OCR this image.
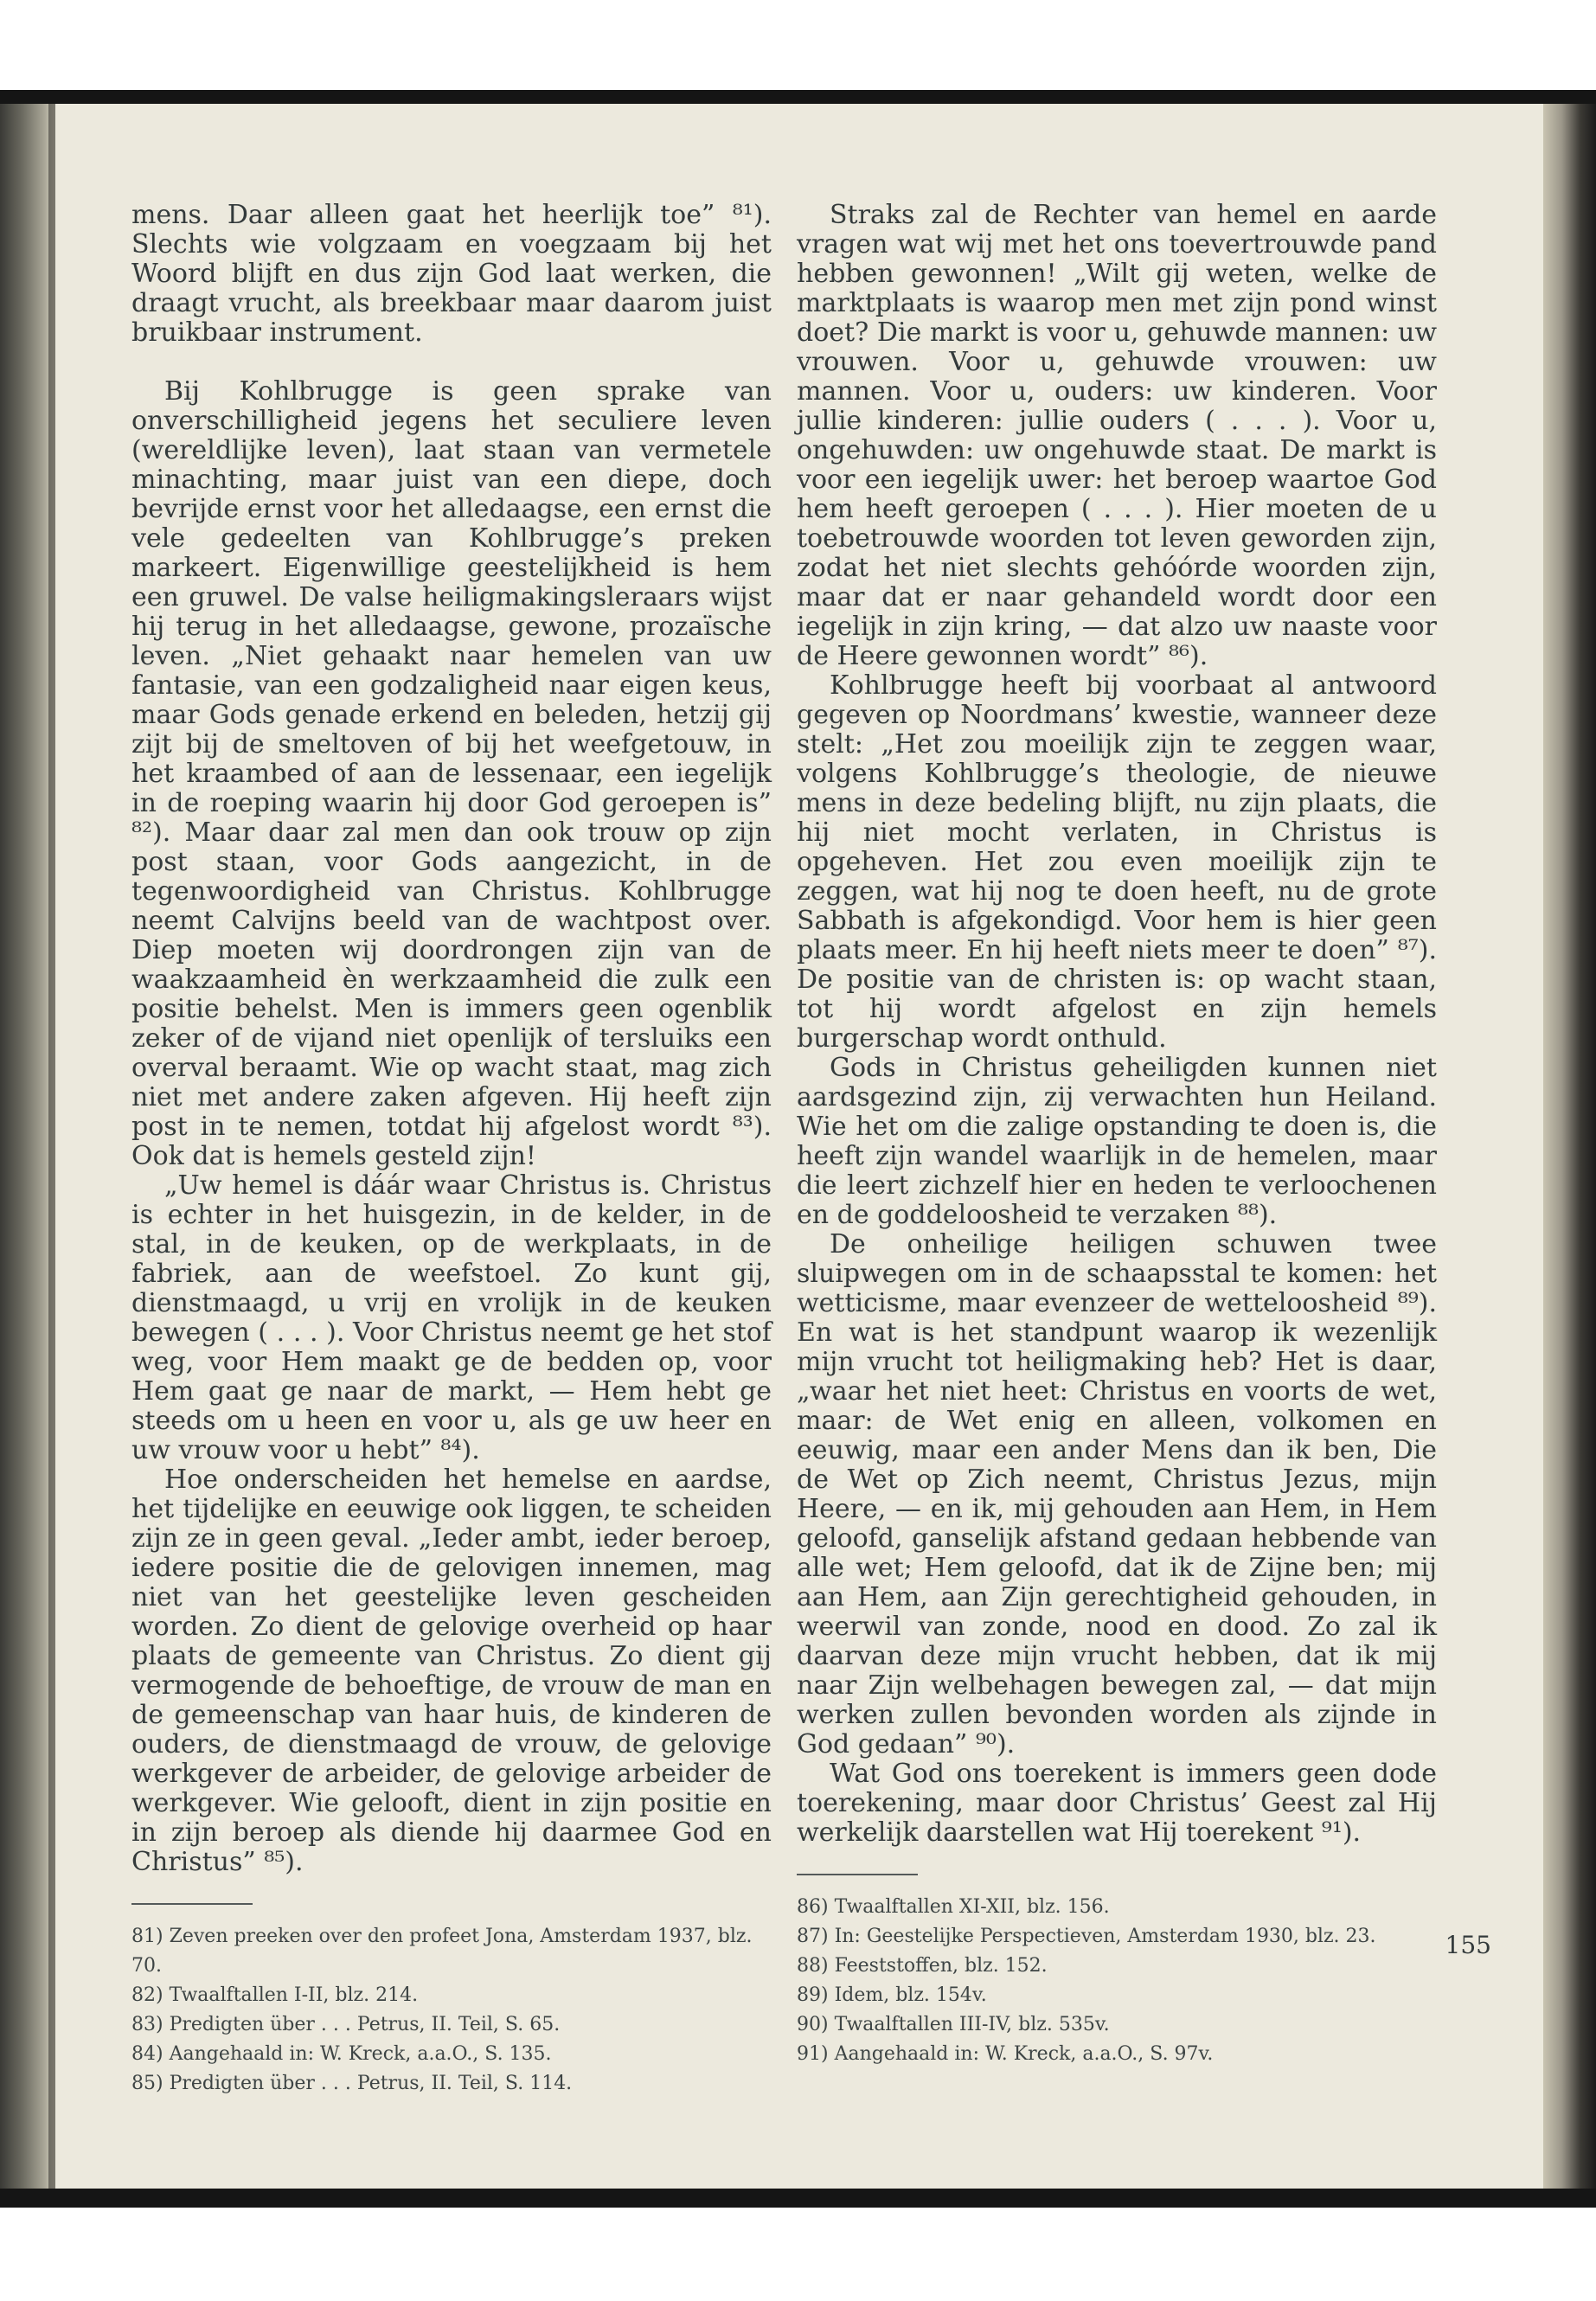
mens. Daar alleen gaat het heerlijk toe” ⁸¹). Slechts wie volgzaam en voegzaam bij het Woord blijft en dus zijn God laat werken, die draagt vrucht, als breekbaar maar daarom juist bruikbaar instrument.

Bij Kohlbrugge is geen sprake van onverschilligheid jegens het seculiere leven (wereldlijke leven), laat staan van vermetele minachting, maar juist van een diepe, doch bevrijde ernst voor het alledaagse, een ernst die vele gedeelten van Kohlbrugge’s preken markeert. Eigenwillige geestelijkheid is hem een gruwel. De valse heiligmakingsleraars wijst hij terug in het alledaagse, gewone, prozaïsche leven. „Niet gehaakt naar hemelen van uw fantasie, van een godzaligheid naar eigen keus, maar Gods genade erkend en beleden, hetzij gij zijt bij de smeltoven of bij het weefgetouw, in het kraambed of aan de lessenaar, een iegelijk in de roeping waarin hij door God geroepen is” ⁸²). Maar daar zal men dan ook trouw op zijn post staan, voor Gods aangezicht, in de tegenwoordigheid van Christus. Kohlbrugge neemt Calvijns beeld van de wachtpost over. Diep moeten wij doordrongen zijn van de waakzaamheid èn werkzaamheid die zulk een positie behelst. Men is immers geen ogenblik zeker of de vijand niet openlijk of tersluiks een overval beraamt. Wie op wacht staat, mag zich niet met andere zaken afgeven. Hij heeft zijn post in te nemen, totdat hij afgelost wordt ⁸³). Ook dat is hemels gesteld zijn!

„Uw hemel is dáár waar Christus is. Christus is echter in het huisgezin, in de kelder, in de stal, in de keuken, op de werkplaats, in de fabriek, aan de weefstoel. Zo kunt gij, dienstmaagd, u vrij en vrolijk in de keuken bewegen ( . . . ). Voor Christus neemt ge het stof weg, voor Hem maakt ge de bedden op, voor Hem gaat ge naar de markt, — Hem hebt ge steeds om u heen en voor u, als ge uw heer en uw vrouw voor u hebt” ⁸⁴).

Hoe onderscheiden het hemelse en aardse, het tijdelijke en eeuwige ook liggen, te scheiden zijn ze in geen geval. „Ieder ambt, ieder beroep, iedere positie die de gelovigen innemen, mag niet van het geestelijke leven gescheiden worden. Zo dient de gelovige overheid op haar plaats de gemeente van Christus. Zo dient gij vermogende de behoeftige, de vrouw de man en de gemeenschap van haar huis, de kinderen de ouders, de dienstmaagd de vrouw, de gelovige werkgever de arbeider, de gelovige arbeider de werkgever. Wie gelooft, dient in zijn positie en in zijn beroep als diende hij daarmee God en Christus” ⁸⁵).

81) Zeven preeken over den profeet Jona, Amsterdam 1937, blz. 70.
82) Twaalftallen I-II, blz. 214.
83) Predigten über . . . Petrus, II. Teil, S. 65.
84) Aangehaald in: W. Kreck, a.a.O., S. 135.
85) Predigten über . . . Petrus, II. Teil, S. 114.

Straks zal de Rechter van hemel en aarde vragen wat wij met het ons toevertrouwde pand hebben gewonnen! „Wilt gij weten, welke de marktplaats is waarop men met zijn pond winst doet? Die markt is voor u, gehuwde mannen: uw vrouwen. Voor u, gehuwde vrouwen: uw mannen. Voor u, ouders: uw kinderen. Voor jullie kinderen: jullie ouders ( . . . ). Voor u, ongehuwden: uw ongehuwde staat. De markt is voor een iegelijk uwer: het beroep waartoe God hem heeft geroepen ( . . . ). Hier moeten de u toebetrouwde woorden tot leven geworden zijn, zodat het niet slechts gehóórde woorden zijn, maar dat er naar gehandeld wordt door een iegelijk in zijn kring, — dat alzo uw naaste voor de Heere gewonnen wordt” ⁸⁶).

Kohlbrugge heeft bij voorbaat al antwoord gegeven op Noordmans’ kwestie, wanneer deze stelt: „Het zou moeilijk zijn te zeggen waar, volgens Kohlbrugge’s theologie, de nieuwe mens in deze bedeling blijft, nu zijn plaats, die hij niet mocht verlaten, in Christus is opgeheven. Het zou even moeilijk zijn te zeggen, wat hij nog te doen heeft, nu de grote Sabbath is afgekondigd. Voor hem is hier geen plaats meer. En hij heeft niets meer te doen” ⁸⁷). De positie van de christen is: op wacht staan, tot hij wordt afgelost en zijn hemels burgerschap wordt onthuld.

Gods in Christus geheiligden kunnen niet aardsgezind zijn, zij verwachten hun Heiland. Wie het om die zalige opstanding te doen is, die heeft zijn wandel waarlijk in de hemelen, maar die leert zichzelf hier en heden te verloochenen en de goddeloosheid te verzaken ⁸⁸).

De onheilige heiligen schuwen twee sluipwegen om in de schaapsstal te komen: het wetticisme, maar evenzeer de wetteloosheid ⁸⁹). En wat is het standpunt waarop ik wezenlijk mijn vrucht tot heiligmaking heb? Het is daar, „waar het niet heet: Christus en voorts de wet, maar: de Wet enig en alleen, volkomen en eeuwig, maar een ander Mens dan ik ben, Die de Wet op Zich neemt, Christus Jezus, mijn Heere, — en ik, mij gehouden aan Hem, in Hem geloofd, ganselijk afstand gedaan hebbende van alle wet; Hem geloofd, dat ik de Zijne ben; mij aan Hem, aan Zijn gerechtigheid gehouden, in weerwil van zonde, nood en dood. Zo zal ik daarvan deze mijn vrucht hebben, dat ik mij naar Zijn welbehagen bewegen zal, — dat mijn werken zullen bevonden worden als zijnde in God gedaan” ⁹⁰).

Wat God ons toerekent is immers geen dode toerekening, maar door Christus’ Geest zal Hij werkelijk daarstellen wat Hij toerekent ⁹¹).

86) Twaalftallen XI-XII, blz. 156.
87) In: Geestelijke Perspectieven, Amsterdam 1930, blz. 23.
88) Feeststoffen, blz. 152.
89) Idem, blz. 154v.
90) Twaalftallen III-IV, blz. 535v.
91) Aangehaald in: W. Kreck, a.a.O., S. 97v.
155
